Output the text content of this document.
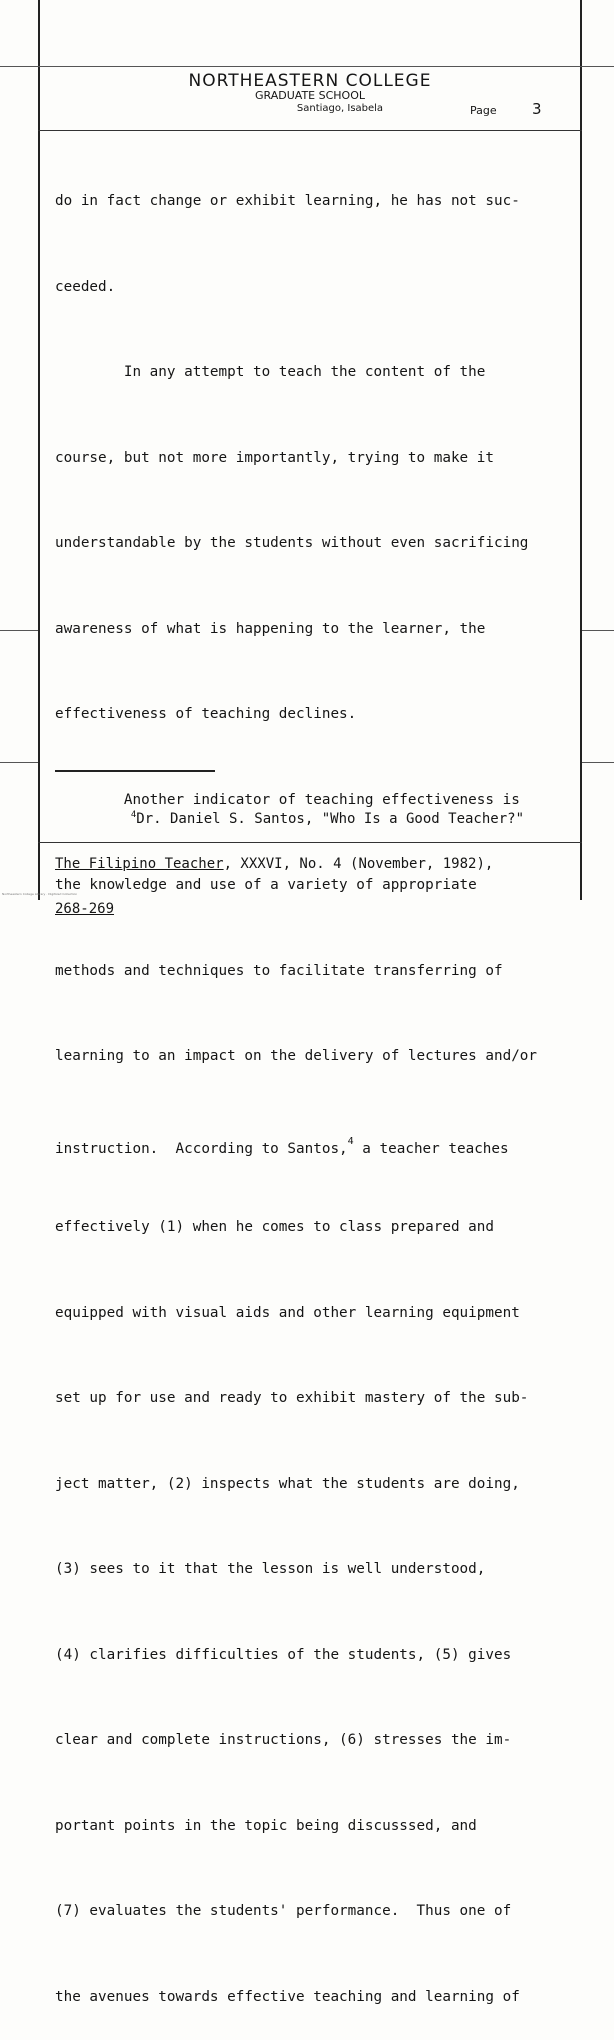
NORTHEASTERN COLLEGE
GRADUATE SCHOOL
Santiago, Isabela	Page 3

do in fact change or exhibit learning, he has not suc-

ceeded.

In any attempt to teach the content of the

course, but not more importantly, trying to make it

understandable by the students without even sacrificing

awareness of what is happening to the learner, the

effectiveness of teaching declines.

Another indicator of teaching effectiveness is

the knowledge and use of a variety of appropriate

methods and techniques to facilitate transferring of

learning to an impact on the delivery of lectures and/or

instruction.  According to Santos,$^4$ a teacher teaches

effectively (1) when he comes to class prepared and

equipped with visual aids and other learning equipment

set up for use and ready to exhibit mastery of the sub-

ject matter, (2) inspects what the students are doing,

(3) sees to it that the lesson is well understood,

(4) clarifies difficulties of the students, (5) gives

clear and complete instructions, (6) stresses the im-

portant points in the topic being discusssed, and

(7) evaluates the students' performance.  Thus one of

the avenues towards effective teaching and learning of

$^4$Dr. Daniel S. Santos, "Who Is a Good Teacher?"

The Filipino Teacher, XXXVI, No. 4 (November, 1982),

268-269

Northeastern College Library · Digitized Collection
